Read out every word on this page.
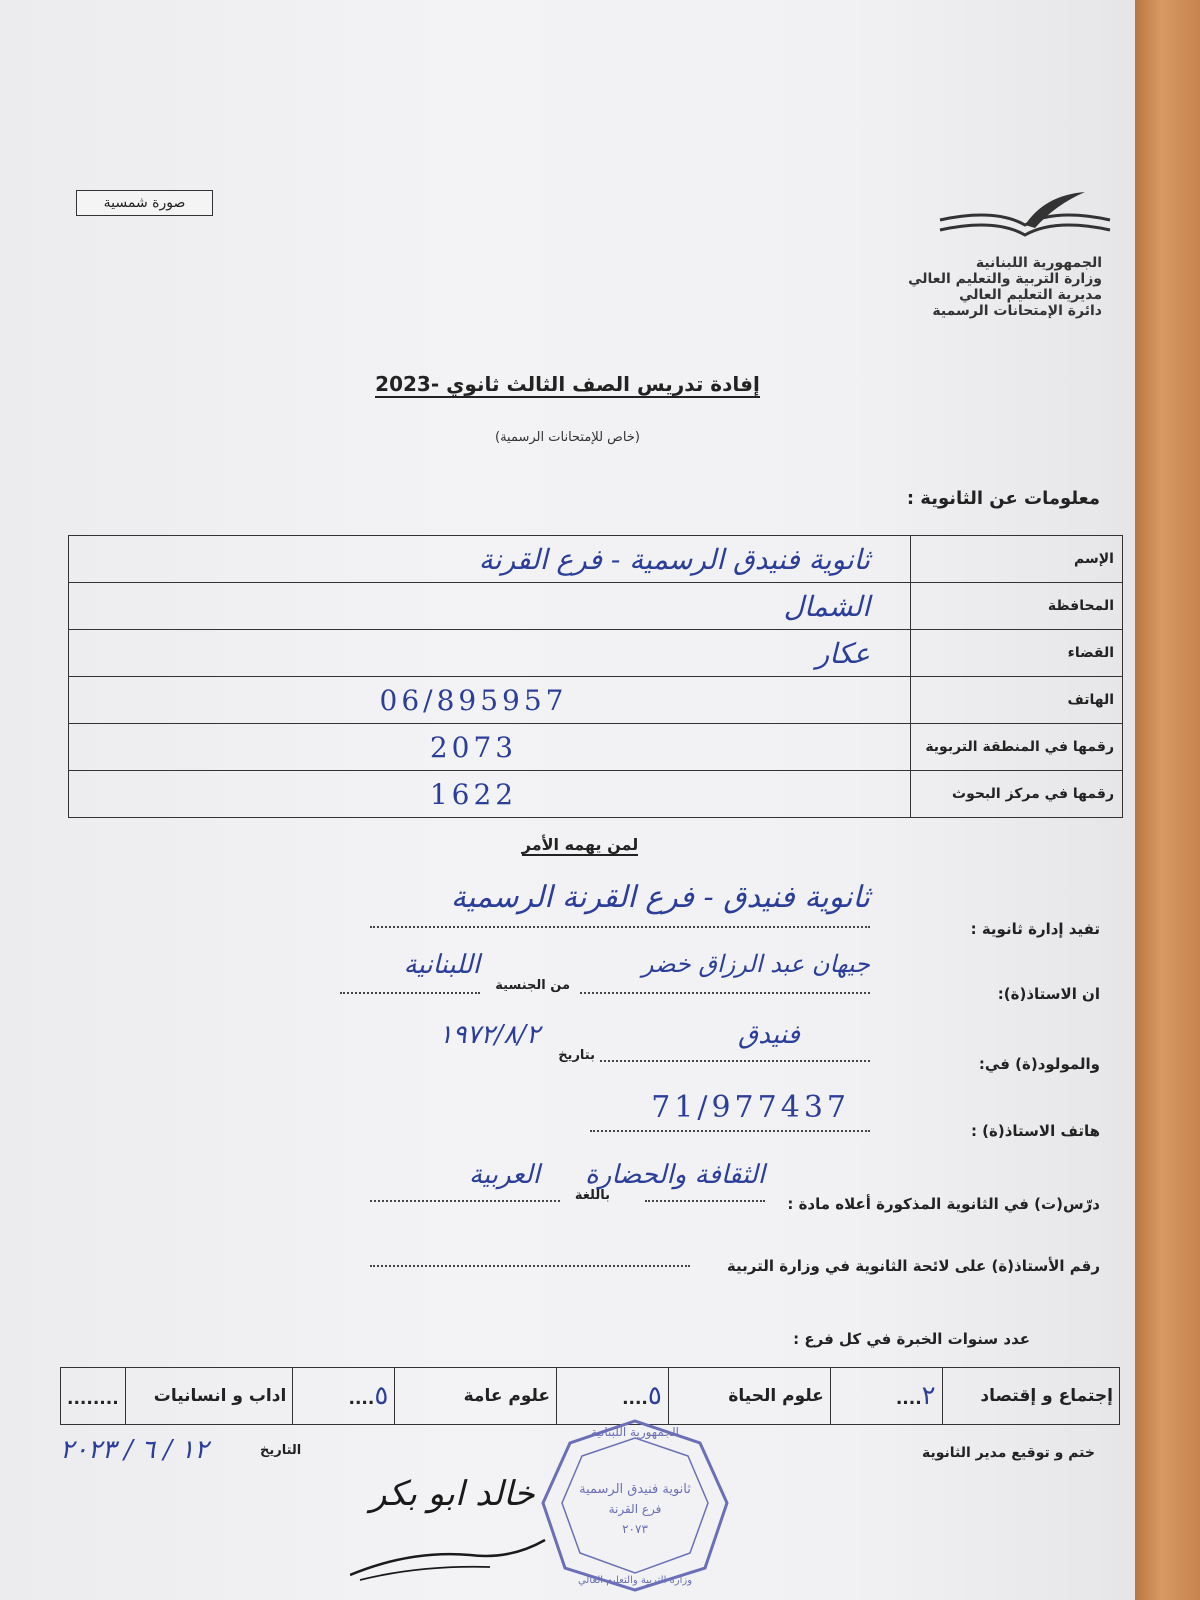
صورة شمسية
الجمهورية اللبنانية
وزارة التربية والتعليم العالي
مديرية التعليم العالي
دائرة الإمتحانات الرسمية
إفادة تدريس الصف الثالث ثانوي -2023
(خاص للإمتحانات الرسمية)
معلومات عن الثانوية :
ثانوية فنيدق الرسمية - فرع القرنة	الإسم
الشمال	المحافظة
عكار	القضاء
06/895957	الهاتف
2073	رقمها في المنطقة التربوية
1622	رقمها في مركز البحوث
لمن يهمه الأمر
تفيد إدارة ثانوية :
ثانوية فنيدق - فرع القرنة الرسمية
ان الاستاذ(ة):
جيهان عبد الرزاق خضر
من الجنسية
اللبنانية
والمولود(ة) في:
فنيدق
بتاريخ
١٩٧٢/٨/٢
هاتف الاستاذ(ة) :
71/977437
درّس(ت) في الثانوية المذكورة أعلاه مادة :
الثقافة والحضارة
باللغة
العربية
رقم الأستاذ(ة) على لائحة الثانوية في وزارة التربية
عدد سنوات الخبرة في كل فرع :
إجتماع و إقتصاد	٢....	علوم الحياة	٥....	علوم عامة	٥....	اداب و انسانيات	........
ختم و توقيع مدير الثانوية
التاريخ
١٢ / ٦ / ٢٠٢٣
الجمهورية اللبنانية
ثانوية فنيدق الرسمية
فرع القرنة
٢٠٧٣
وزارة التربية والتعليم العالي
خالد ابو بكر
